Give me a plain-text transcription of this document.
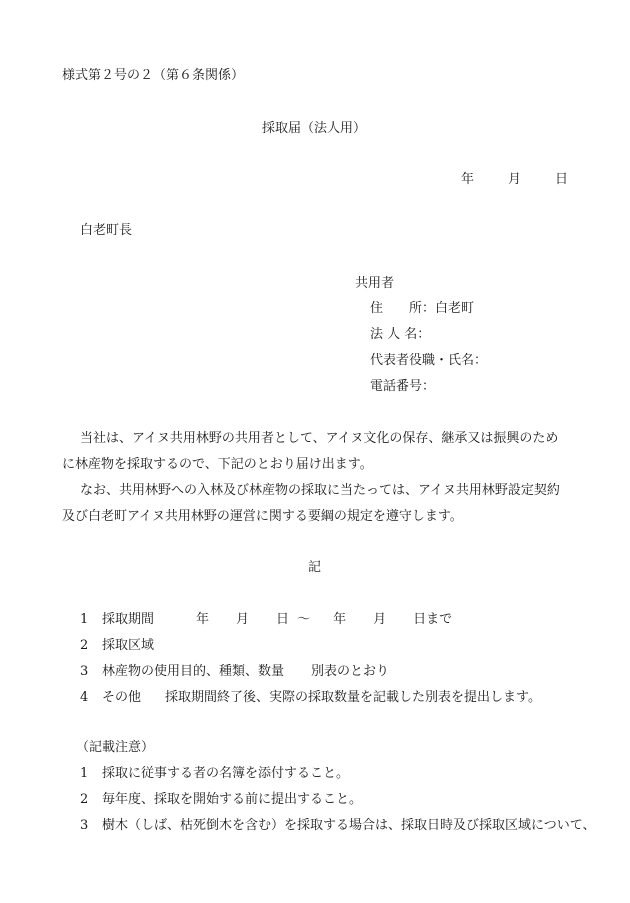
様式第２号の２（第６条関係）
採取届（法人用）
年	月	日
白老町長
共用者
住　　所：白老町
法 人 名：
代表者役職・氏名：
電話番号：
当社は、アイヌ共用林野の共用者として、アイヌ文化の保存、継承又は振興のため
に林産物を採取するので、下記のとおり届け出ます。
なお、共用林野への入林及び林産物の採取に当たっては、アイヌ共用林野設定契約
及び白老町アイヌ共用林野の運営に関する要綱の規定を遵守します。
記
1 採取期間	年 月 日 ～ 年 月 日まで
2 採取区域
3 林産物の使用目的、種類、数量 別表のとおり
4 その他 採取期間終了後、実際の採取数量を記載した別表を提出します。
（記載注意）
1 採取に従事する者の名簿を添付すること。
2 毎年度、採取を開始する前に提出すること。
3 樹木（しば、枯死倒木を含む）を採取する場合は、採取日時及び採取区域について、
